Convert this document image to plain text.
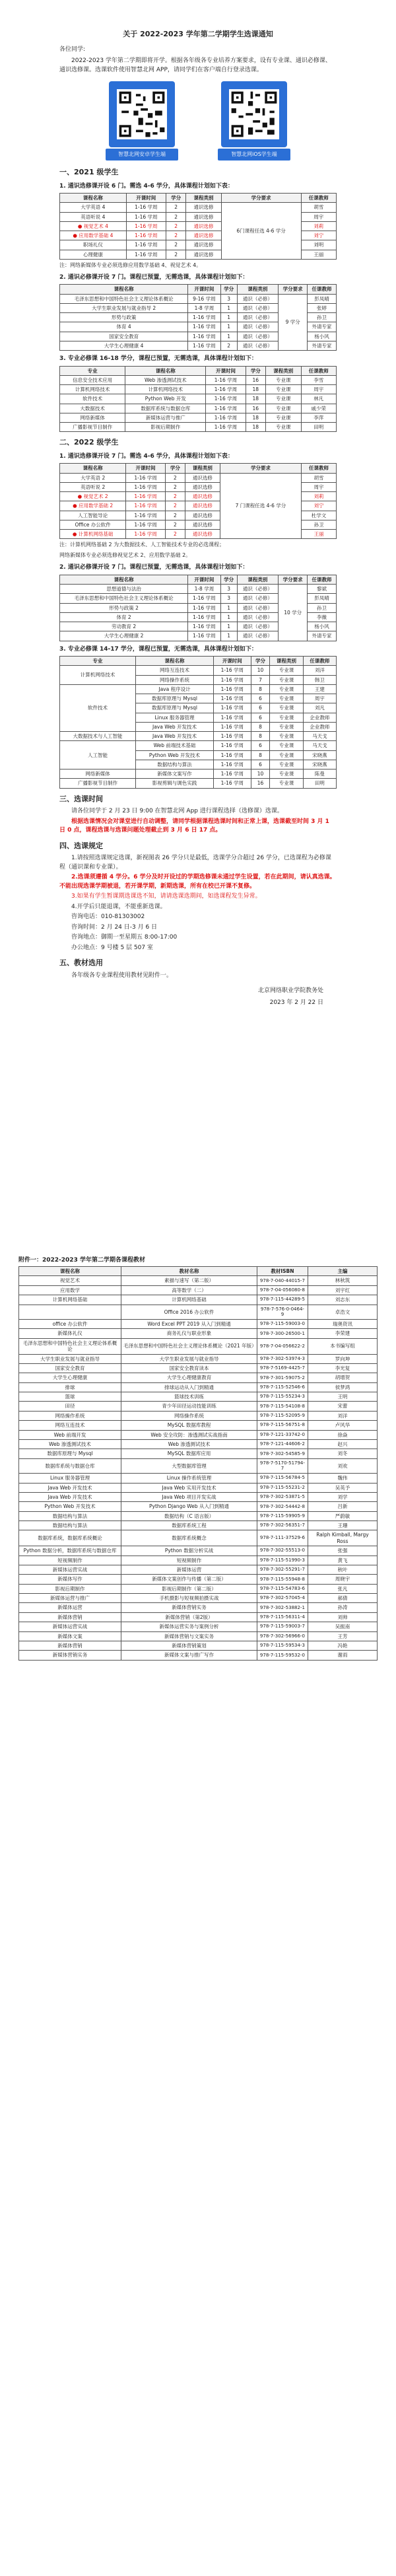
关于 2022-2023 学年第二学期学生选课通知
各位同学:
2022-2023 学年第二学期即将开学。根据各年级各专业培养方案要求，设有专业课、通识必修课、通识选修课。选课软件使用智慧北网 APP，请同学们在客户端自行登录选课。
智慧北网安卓学生端	智慧北网iOS学生端
一、2021 级学生
1. 通识选修课开设 6 门。需选 4-6 学分，具体课程计划如下表：
课程名称	开课时间	学分	课程类别	学分要求	任课教师
大学英语 4	1-16 学周	2	通识选修	6门课程任选 4-6 学分	胡雪
英语听说 4	1-16 学周	2	通识选修		周宇
● 视觉艺术 4	1-16 学周	2	通识选修		刘莉
● 应用数学基础 4	1-16 学周	2	通识选修		刘宁
职场礼仪	1-16 学周	2	通识选修		刘明
心理健康	1-16 学周	2	通识选修		王丽
注：网络新媒体专业必须选修应用数学基础 4、视觉艺术 4。
2. 通识必修课开设 7 门。课程已预置，无需选课，具体课程计划如下：
课程名称	开课时间	学分	课程类别	学分要求	任课教师
毛泽东思想和中国特色社会主义理论体系概论	9-16 学周	3	通识（必修）	9 学分	彭凤晴
大学生职业发展与就业指导 2	1-8 学周	1	通识（必修）		张婷
形势与政策	1-16 学周	1	通识（必修）		孙卫
体育 4	1-16 学周	1	通识（必修）		外请专家
国家安全教育	1-16 学周	1	通识（必修）		杨小风
大学生心理健康 4	1-16 学周	2	通识（必修）		外请专家
3. 专业必修课 16-18 学分，课程已预置，无需选课，具体课程计划如下：
专业	课程名称	开课时间	学分	课程类别	任课教师
信息安全技术应用	Web 渗透测试技术	1-16 学周	16	专业课	李雪
计算机网络技术	计算机网络技术	1-16 学周	18	专业课	周宇
软件技术	Python Web 开发	1-16 学周	18	专业课	林凡
大数据技术	数据库系统与数据仓库	1-16 学周	16	专业课	戚少荣
网络新媒体	新媒体运营与推广	1-16 学周	18	专业课	李萍
广播影视节目制作	影视后期制作	1-16 学周	18	专业课	田明
二、2022 级学生
1. 通识选修课开设 7 门。需选 4-6 学分，具体课程计划如下表：
课程名称	开课时间	学分	课程类别	学分要求	任课教师
大学英语 2	1-16 学周	2	通识选修	7 门课程任选 4-6 学分	胡雪
英语听说 2	1-16 学周	2	通识选修		周宇
● 视觉艺术 2	1-16 学周	2	通识选修		刘莉
● 应用数学基础 2	1-16 学周	2	通识选修		刘宁
人工智能导论	1-16 学周	2	通识选修		杜学文
Office 办公软件	1-16 学周	2	通识选修		孙卫
● 计算机网络基础	1-16 学周	2	通识选修		王丽
注：计算机网络基础 2 为大数据技术、人工智能技术专业的必选课程；
网络新媒体专业必须选修视觉艺术 2、应用数学基础 2。
2. 通识必修课开设 7 门。课程已预置，无需选课，具体课程计划如下：
课程名称	开课时间	学分	课程类别	学分要求	任课教师
思想道德与法治	1-8 学周	3	通识（必修）	10 学分	黎斌
毛泽东思想和中国特色社会主义理论体系概论	1-16 学周	3	通识（必修）		彭凤晴
形势与政策 2	1-16 学周	1	通识（必修）		孙卫
体育 2	1-16 学周	1	通识（必修）		李薇
劳动教育 2	1-16 学周	1	通识（必修）		杨小风
大学生心理健康 2	1-16 学周	1	通识（必修）		外请专家
3. 专业必修课 14-17 学分，课程已预置，无需选课，具体课程计划如下：
专业	课程名称	开课时间	学分	课程类别	任课教师
计算机网络技术	网络互连技术	1-16 学周	10	专业课	刘洋
	网络操作系统	1-16 学周	7	专业课	韩卫
软件技术	Java 程序设计	1-16 学周	8	专业课	王建
	数据库原理与 Mysql	1-16 学周	6	专业课	周宇
	数据库原理与 Mysql	1-16 学周	6	专业课	刘凡
	Linux 服务器管理	1-16 学周	6	专业课	企业教师
	Java Web 开发技术	1-16 学周	8	专业课	企业教师
大数据技术与人工智能	Java Web 开发技术	1-16 学周	8	专业课	马天戈
人工智能	Web 前端技术基础	1-16 学周	6	专业课	马天戈
	Python Web 开发技术	1-16 学周	8	专业课	宋晓燕
	数据结构与算法	1-16 学周	6	专业课	宋晓燕
网络新媒体	新媒体文案写作	1-16 学周	10	专业课	陈曼
广播影视节目制作	影视剪辑与调色实践	1-16 学周	16	专业课	田明
三、选课时间
请各位同学于 2 月 23 日 9:00 在智慧北网 App 进行课程选择（选修课）选课。
根据选课情况会对课堂进行自动调整，请同学根据课程选课时间和正常上课，选课截至时间 3 月 1 日 0 点，课程选课与选课问题处理截止到 3 月 6 日 17 点。
四、选课规定
1.请按照选课规定选课，新视图表 26 学分只是最低，选课学分合超过 26 学分，已选课程为必修课程（通识课和专业课）。
2.选课须遵循 4 学分。6 学分及时开设过的学期选修课未通过学生设置，若在此期间，请认真选课。不能出现选课学期被退，若开课学期，新期选课，所有在校已开课不复修。
3.如果有学生暂课期选课选不知，请请选课选期间，如选课程发生异常。
4.开学后只能退课，不能重新选课。
咨询电话：010-81303002
咨询时间：2 月 24 日-3 月 6 日
咨询地点：御期一至星期五 8:00-17:00
办公地点：9 号楼 5 层 507 室
五、教材选用
各年级各专业课程使用教材见附件一。
北京网络职业学院教务处
2023 年 2 月 22 日
附件一：2022-2023 学年第二学期各课程教材
课程名称	教材名称	教材ISBN	主编
视觉艺术	素描与速写（第二版）	978-7-040-44015-7	林秋筑
应用数学	高等数学（二）	978-7-04-056080-8	刘宇红
计算机网络基础	计算机网络基础	978-7-115-44289-5	刘志东
	Office 2016 办公软件	978-7-576-0-0464-9	卓浩文
office 办公软件	Word Excel PPT 2019 从入门到精通	978-7-115-59003-0	瑞奥资讯
新媒体礼仪	商务礼仪与职业形象	978-7-300-26500-1	李荣建
毛泽东思想和中国特色社会主义理论体系概论	毛泽东思想和中国特色社会主义理论体系概论（2021 年版）	978-7-04-056622-2	本书编写组
大学生职业发展与就业指导	大学生职业发展与就业指导	978-7-302-53974-3	罗向坤
国家安全教育	国家安全教育读本	978-7-5169-4425-7	李光复
大学生心理健康	大学生心理健康教育	978-7-301-59075-2	胡增贺
排球	排球运动从入门到精通	978-7-115-52546-6	侯梦鸿
篮球	篮球技术训练	978-7-115-55234-3	王明
田径	青少年田径运动技能训练	978-7-115-54108-8	宋蕾
网络操作系统	网络操作系统	978-7-115-52095-9	刘洋
网络互连技术	MySQL 数据库教程	978-7-115-56751-8	卢风华
Web 前端开发	Web 安全攻防：渗透测试实战指南	978-7-121-33742-0	徐焱
Web 渗透测试技术	Web 渗透测试技术	978-7-121-44606-2	赵兴
数据库原理与 Mysql	MySQL 数据库应用	978-7-302-54585-9	刘冬
数据库系统与数据仓库	大型数据库管理	978-7-5170-51794-7	刘欢
Linux 服务器管理	Linux 操作系统管理	978-7-115-56784-5	魏伟
Java Web 开发技术	Java Web 实用开发技术	978-7-115-55231-2	吴英予
Java Web 开发技术	Java Web 项目开发实战	978-7-302-53871-5	刘学
Python Web 开发技术	Python Django Web 从入门到精通	978-7-302-54442-8	吕新
数据结构与算法	数据结构（C 语言版）	978-7-115-59905-9	严蔚敏
数据结构与算法	数据库系统工程	978-7-302-56351-7	王珊
数据库系统，数据库系统概论	数据库系统概念	978-7-111-37529-6	Ralph Kimball, Margy Ross
Python 数据分析，数据库系统与数据仓库	Python 数据分析实战	978-7-302-55513-0	张强
短视频制作	短视频制作	978-7-115-51990-3	黄飞
新媒体运营实战	新媒体运营	978-7-302-55291-7	秋叶
新媒体写作	新媒体文案创作与传播（第二版）	978-7-115-55948-8	周晓宇
影视后期制作	影视后期制作（第二版）	978-7-115-54783-6	张凡
新媒体运营与推广	手机摄影与短视频拍摄实战	978-7-302-57045-4	郝倩
新媒体运营	新媒体营销实务	978-7-302-53882-1	孙涛
新媒体营销	新媒体营销（第2版）	978-7-115-56311-4	刘帅
新媒体运营实战	新媒体运营实务与案例分析	978-7-115-59003-7	吴振南
新媒体文案	新媒体营销与文案实务	978-7-302-56966-0	王芳
新媒体营销	新媒体营销策划	978-7-115-59534-3	冯艳
新媒体营销实务	新媒体文案与推广写作	978-7-115-59532-0	谢雨
